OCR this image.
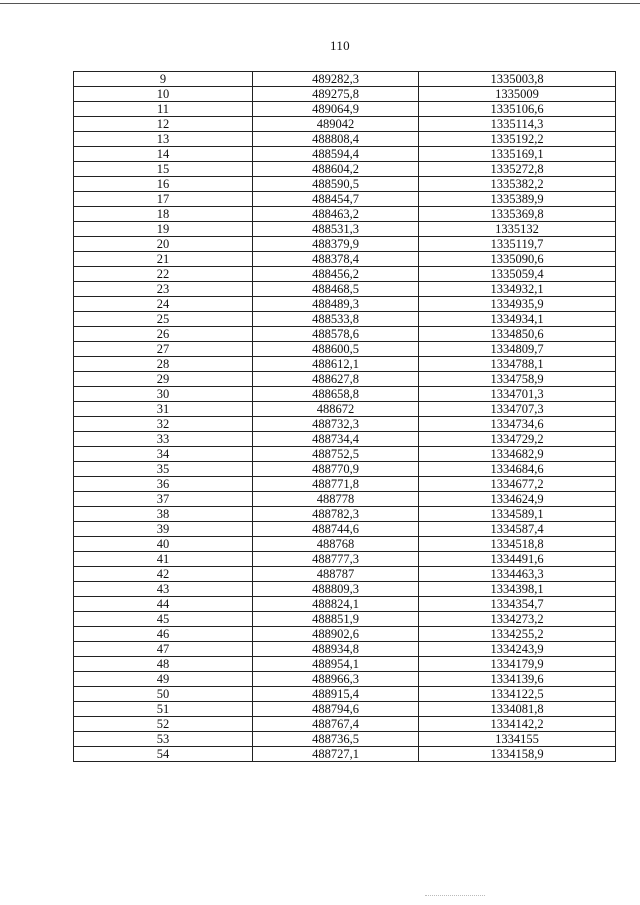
110
9	489282,3	1335003,8
10	489275,8	1335009
11	489064,9	1335106,6
12	489042	1335114,3
13	488808,4	1335192,2
14	488594,4	1335169,1
15	488604,2	1335272,8
16	488590,5	1335382,2
17	488454,7	1335389,9
18	488463,2	1335369,8
19	488531,3	1335132
20	488379,9	1335119,7
21	488378,4	1335090,6
22	488456,2	1335059,4
23	488468,5	1334932,1
24	488489,3	1334935,9
25	488533,8	1334934,1
26	488578,6	1334850,6
27	488600,5	1334809,7
28	488612,1	1334788,1
29	488627,8	1334758,9
30	488658,8	1334701,3
31	488672	1334707,3
32	488732,3	1334734,6
33	488734,4	1334729,2
34	488752,5	1334682,9
35	488770,9	1334684,6
36	488771,8	1334677,2
37	488778	1334624,9
38	488782,3	1334589,1
39	488744,6	1334587,4
40	488768	1334518,8
41	488777,3	1334491,6
42	488787	1334463,3
43	488809,3	1334398,1
44	488824,1	1334354,7
45	488851,9	1334273,2
46	488902,6	1334255,2
47	488934,8	1334243,9
48	488954,1	1334179,9
49	488966,3	1334139,6
50	488915,4	1334122,5
51	488794,6	1334081,8
52	488767,4	1334142,2
53	488736,5	1334155
54	488727,1	1334158,9
